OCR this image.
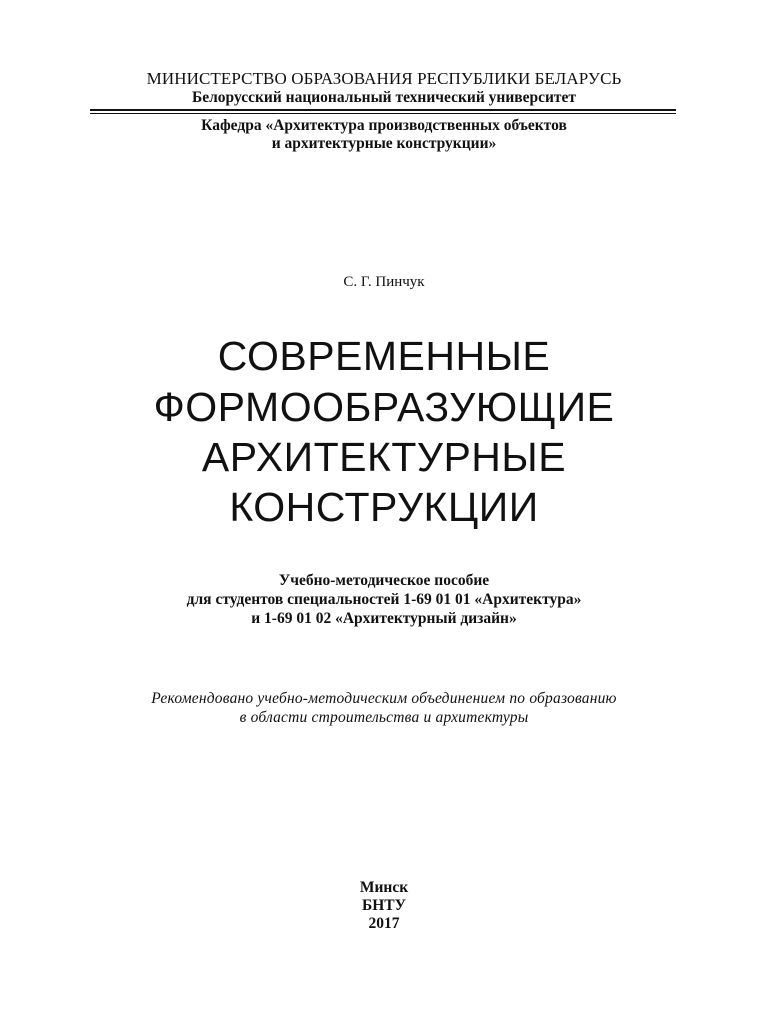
МИНИСТЕРСТВО ОБРАЗОВАНИЯ РЕСПУБЛИКИ БЕЛАРУСЬ
Белорусский национальный технический университет
Кафедра «Архитектура производственных объектов
и архитектурные конструкции»
С. Г. Пинчук
СОВРЕМЕННЫЕ
ФОРМООБРАЗУЮЩИЕ
АРХИТЕКТУРНЫЕ
КОНСТРУКЦИИ
Учебно-методическое пособие
для студентов специальностей 1-69 01 01 «Архитектура»
и 1-69 01 02 «Архитектурный дизайн»
Рекомендовано учебно-методическим объединением по образованию
в области строительства и архитектуры
Минск
БНТУ
2017
